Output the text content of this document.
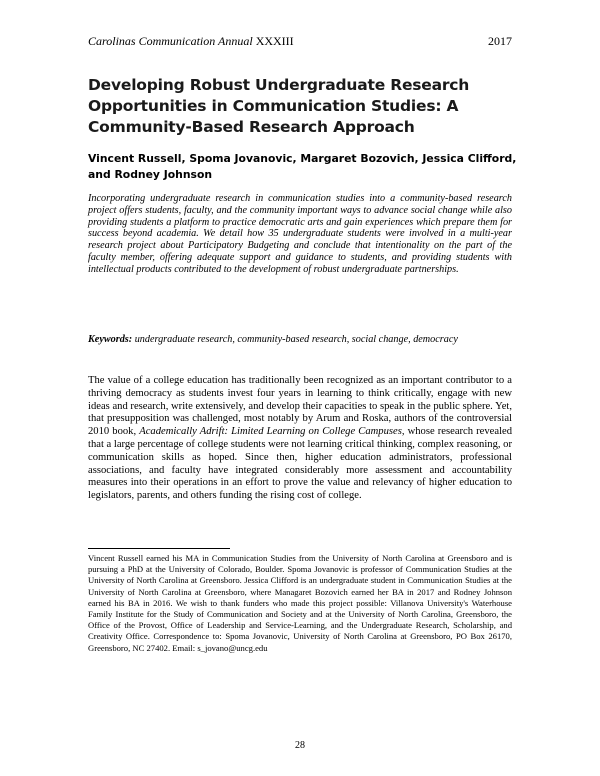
Carolinas Communication Annual XXXIII	2017
Developing Robust Undergraduate Research Opportunities in Communication Studies: A Community-Based Research Approach

Vincent Russell, Spoma Jovanovic, Margaret Bozovich, Jessica Clifford, and Rodney Johnson

Incorporating undergraduate research in communication studies into a community-based research project offers students, faculty, and the community important ways to advance social change while also providing students a platform to practice democratic arts and gain experiences which prepare them for success beyond academia. We detail how 35 undergraduate students were involved in a multi-year research project about Participatory Budgeting and conclude that intentionality on the part of the faculty member, offering adequate support and guidance to students, and providing students with intellectual products contributed to the development of robust undergraduate partnerships.

Keywords: undergraduate research, community-based research, social change, democracy

The value of a college education has traditionally been recognized as an important contributor to a thriving democracy as students invest four years in learning to think critically, engage with new ideas and research, write extensively, and develop their capacities to speak in the public sphere. Yet, that presupposition was challenged, most notably by Arum and Roska, authors of the controversial 2010 book, Academically Adrift: Limited Learning on College Campuses, whose research revealed that a large percentage of college students were not learning critical thinking, complex reasoning, or communication skills as hoped. Since then, higher education administrators, professional associations, and faculty have integrated considerably more assessment and accountability measures into their operations in an effort to prove the value and relevancy of higher education to legislators, parents, and others funding the rising cost of college.

Vincent Russell earned his MA in Communication Studies from the University of North Carolina at Greensboro and is pursuing a PhD at the University of Colorado, Boulder. Spoma Jovanovic is professor of Communication Studies at the University of North Carolina at Greensboro. Jessica Clifford is an undergraduate student in Communication Studies at the University of North Carolina at Greensboro, where Managaret Bozovich earned her BA in 2017 and Rodney Johnson earned his BA in 2016. We wish to thank funders who made this project possible: Villanova University's Waterhouse Family Institute for the Study of Communication and Society and at the University of North Carolina, Greensboro, the Office of the Provost, Office of Leadership and Service-Learning, and the Undergraduate Research, Scholarship, and Creativity Office. Correspondence to: Spoma Jovanovic, University of North Carolina at Greensboro, PO Box 26170, Greensboro, NC 27402. Email: s_jovano@uncg.edu

28
